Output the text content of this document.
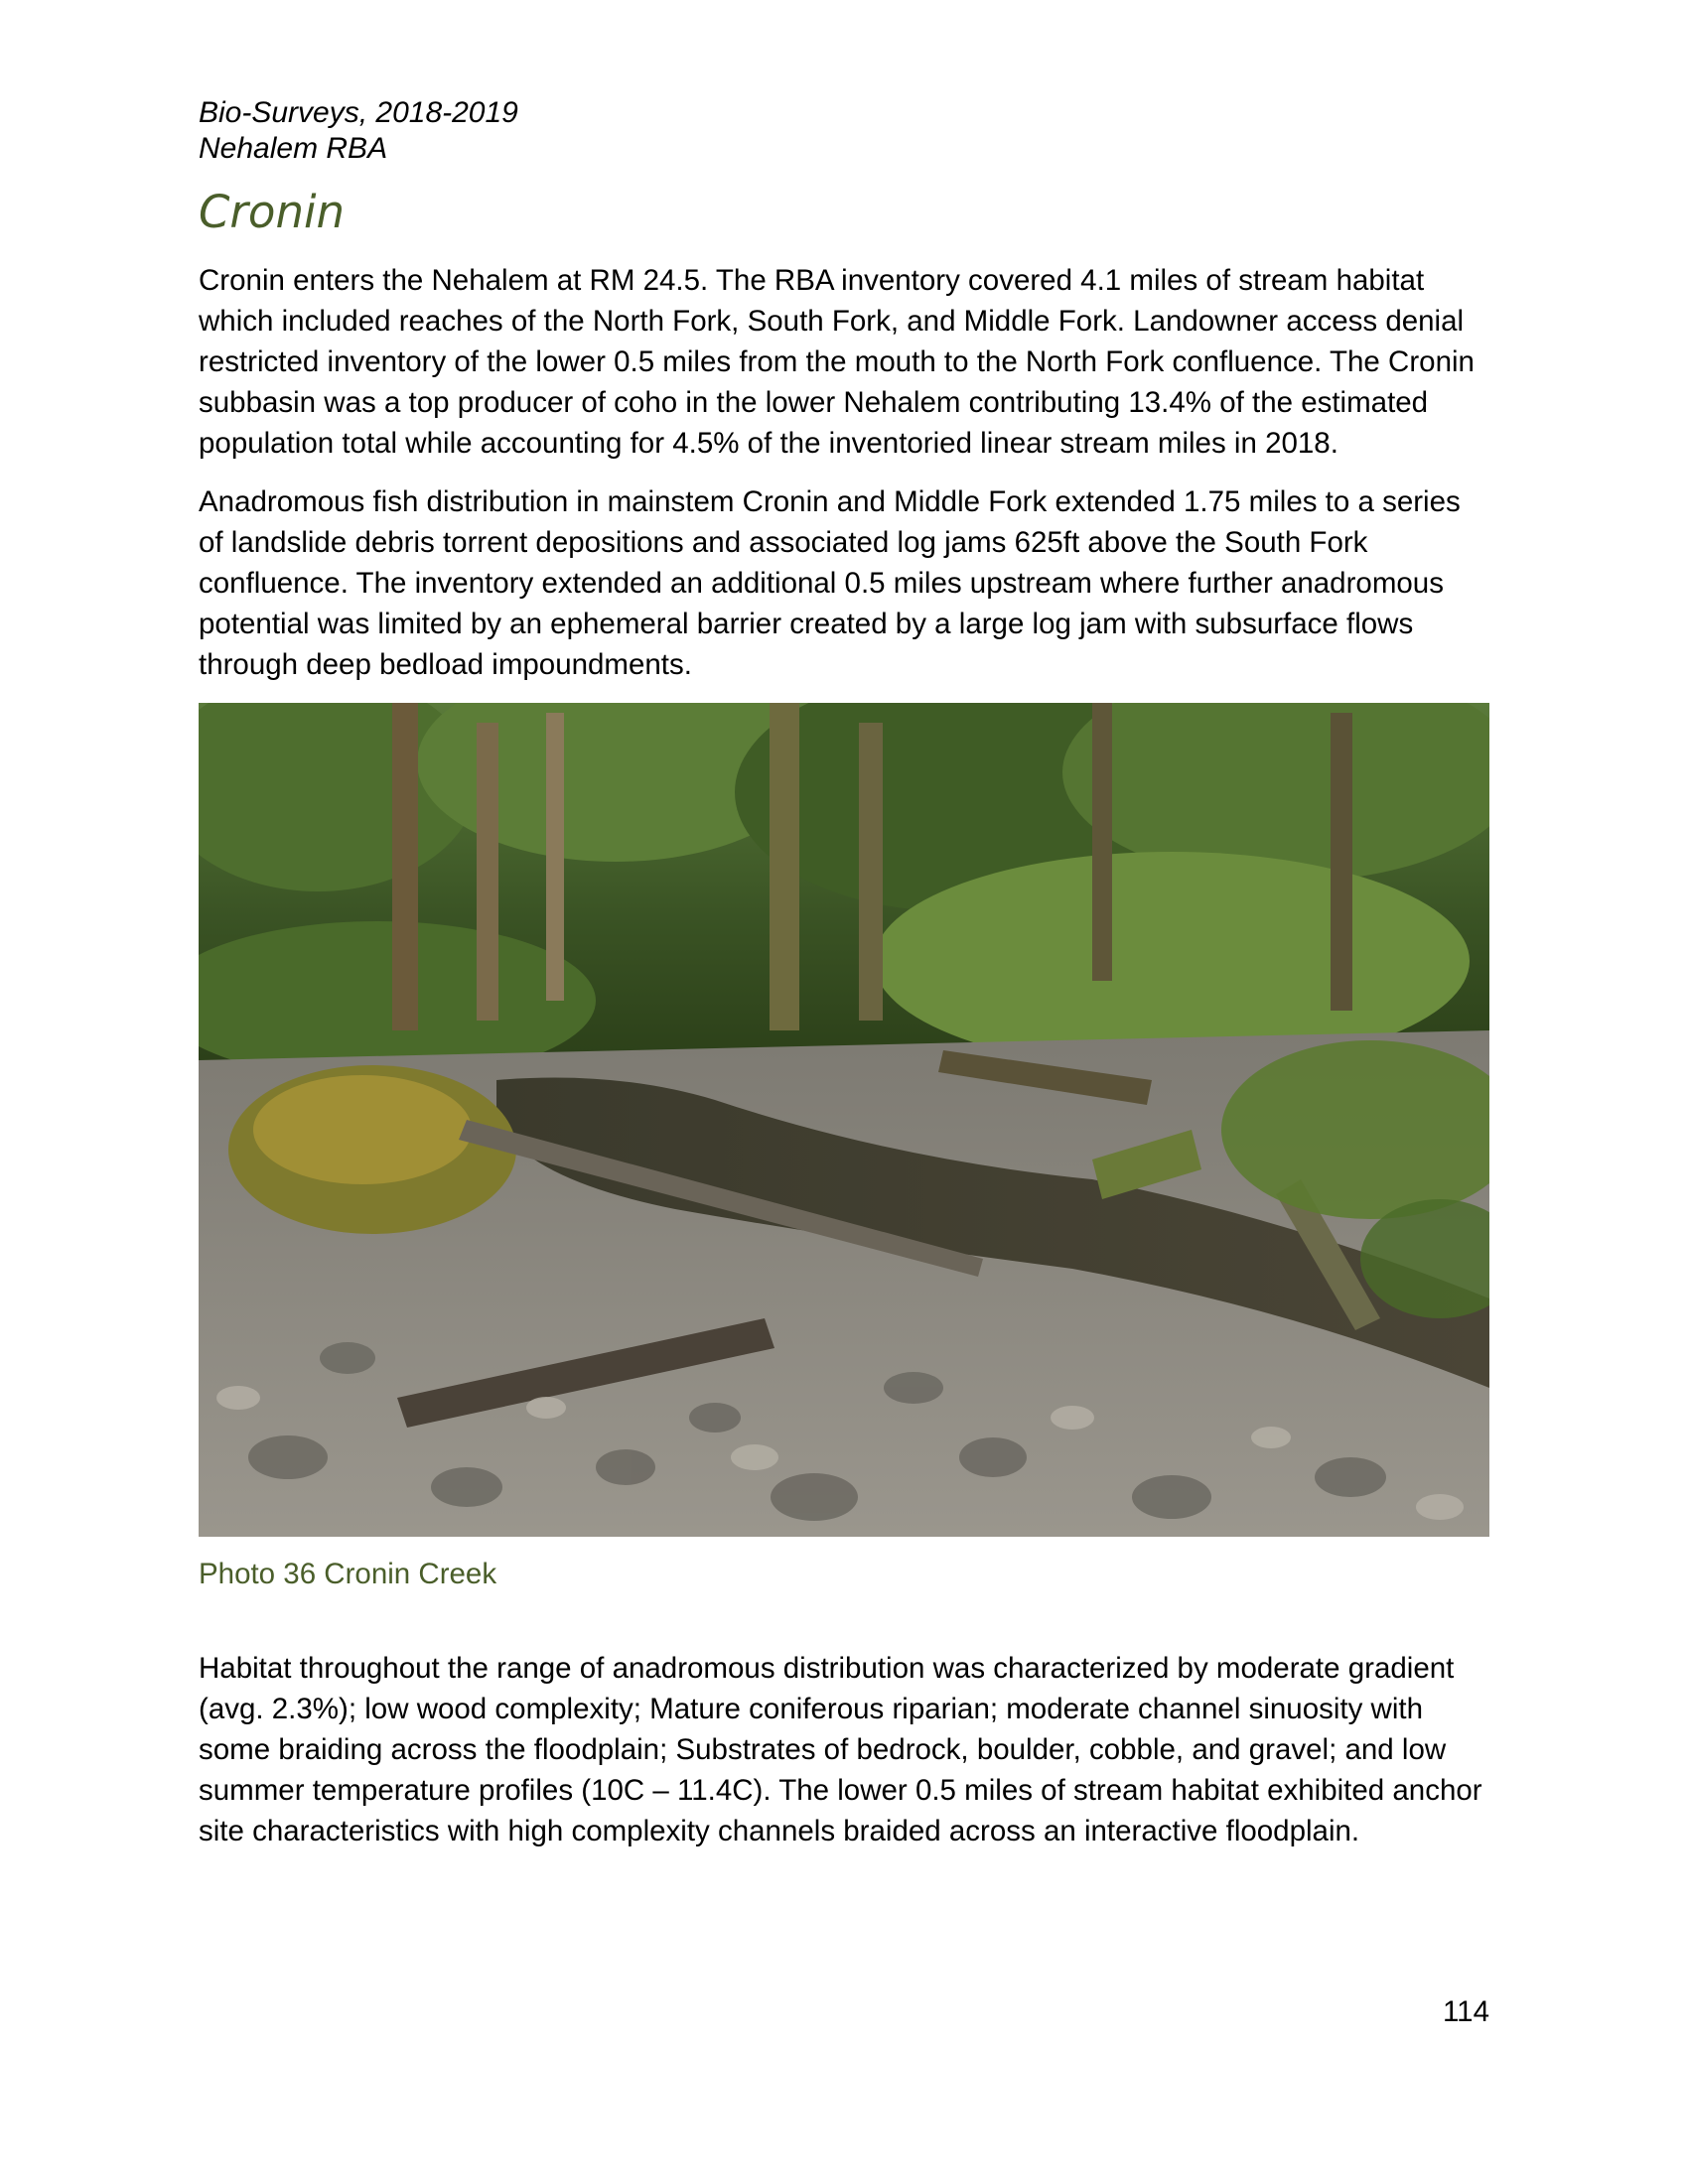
Bio-Surveys, 2018-2019

Nehalem RBA

Cronin

Cronin enters the Nehalem at RM 24.5. The RBA inventory covered 4.1 miles of stream habitat which included reaches of the North Fork, South Fork, and Middle Fork. Landowner access denial restricted inventory of the lower 0.5 miles from the mouth to the North Fork confluence. The Cronin subbasin was a top producer of coho in the lower Nehalem contributing 13.4% of the estimated population total while accounting for 4.5% of the inventoried linear stream miles in 2018.

Anadromous fish distribution in mainstem Cronin and Middle Fork extended 1.75 miles to a series of landslide debris torrent depositions and associated log jams 625ft above the South Fork confluence. The inventory extended an additional 0.5 miles upstream where further anadromous potential was limited by an ephemeral barrier created by a large log jam with subsurface flows through deep bedload impoundments.

Photo 36 Cronin Creek

Habitat throughout the range of anadromous distribution was characterized by moderate gradient (avg. 2.3%); low wood complexity; Mature coniferous riparian; moderate channel sinuosity with some braiding across the floodplain; Substrates of bedrock, boulder, cobble, and gravel; and low summer temperature profiles (10C – 11.4C). The lower 0.5 miles of stream habitat exhibited anchor site characteristics with high complexity channels braided across an interactive floodplain.

114
